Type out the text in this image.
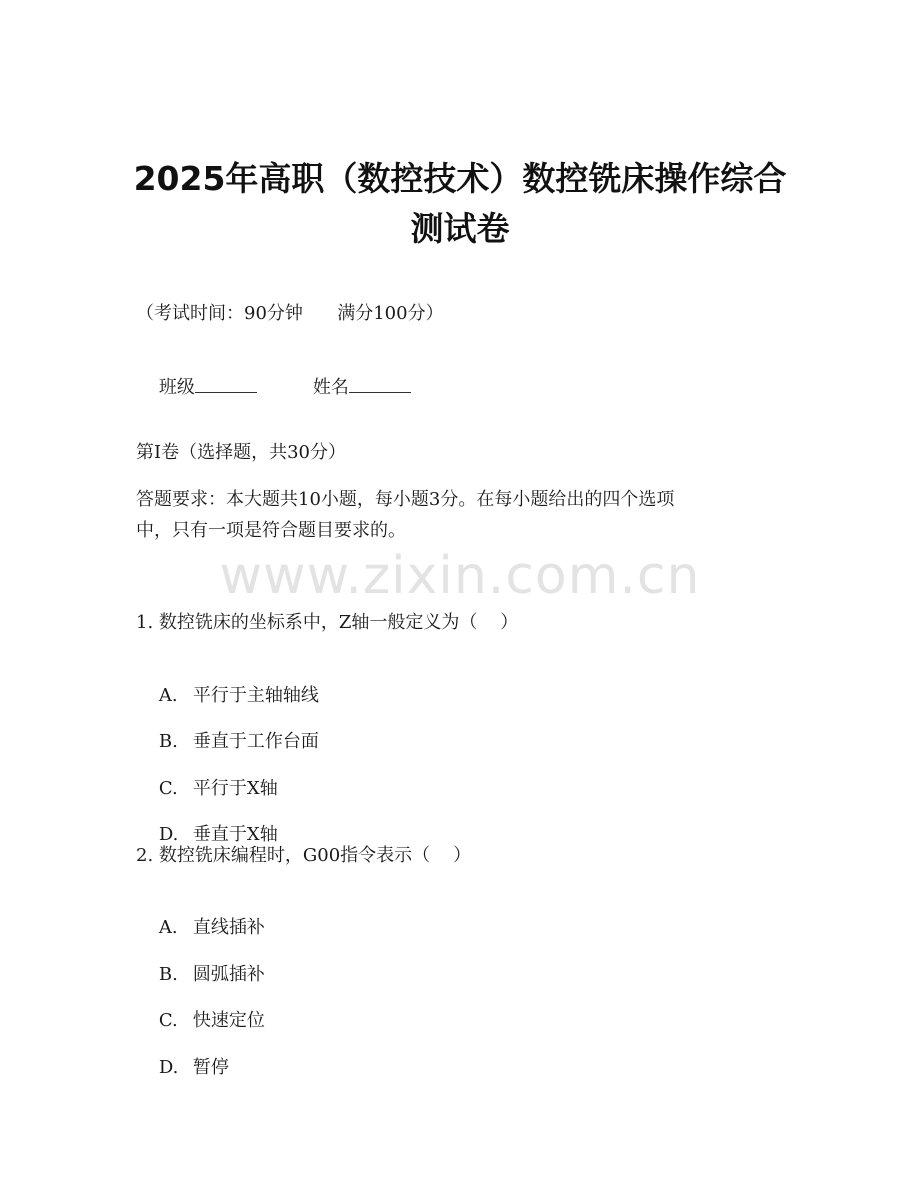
2025年高职（数控技术）数控铣床操作综合
测试卷
（考试时间：90分钟      满分100分）

班级	姓名

第I卷（选择题，共30分）
答题要求：本大题共10小题，每小题3分。在每小题给出的四个选项
中，只有一项是符合题目要求的。
www.zixin.com.cn
1. 数控铣床的坐标系中，Z轴一般定义为（    ）

A. 平行于主轴轴线

B. 垂直于工作台面

C. 平行于X轴

D. 垂直于X轴

2. 数控铣床编程时，G00指令表示（    ）

A. 直线插补

B. 圆弧插补

C. 快速定位

D. 暂停
